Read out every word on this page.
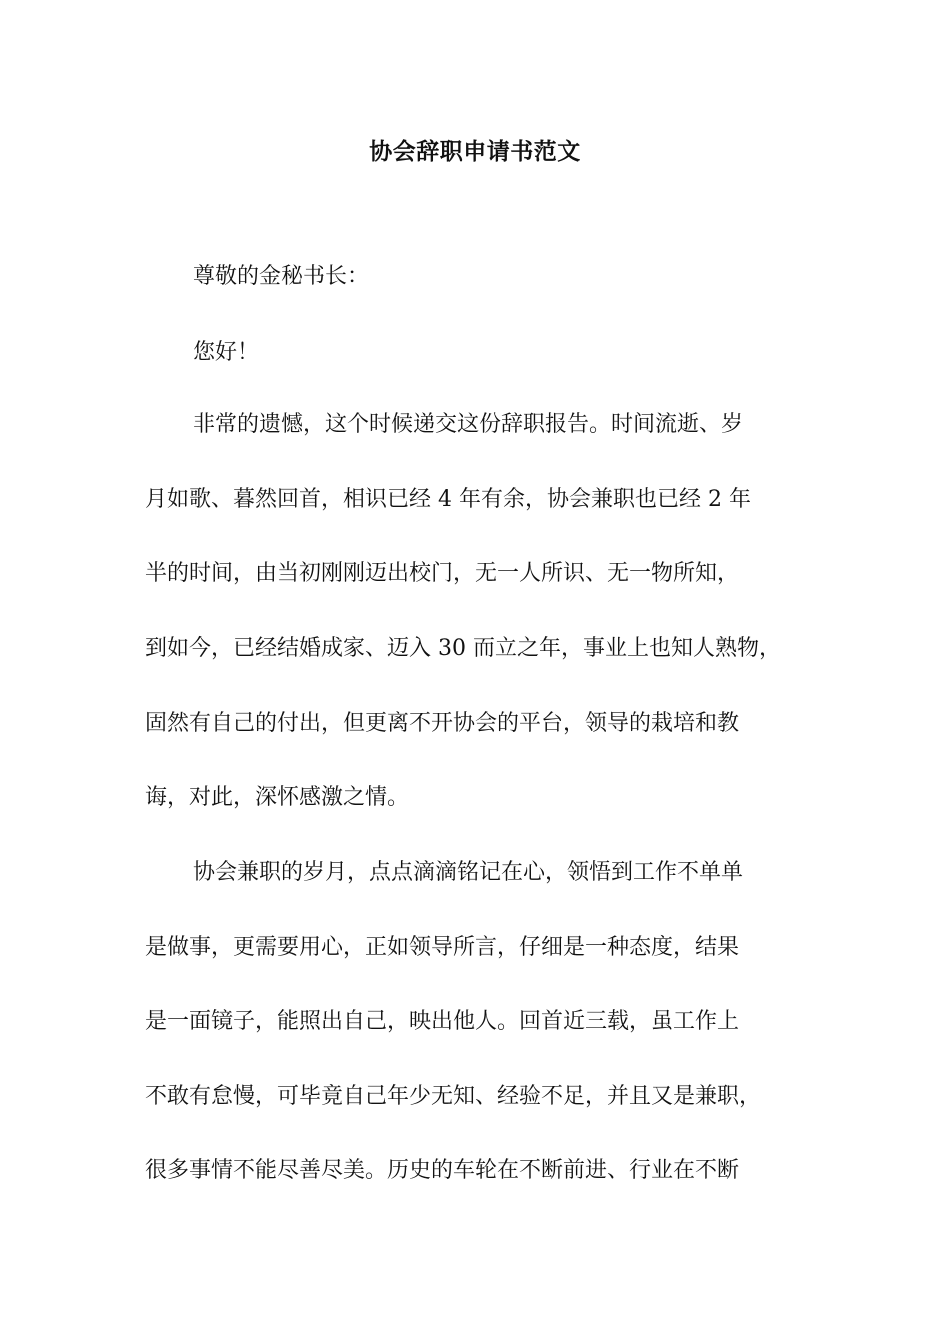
协会辞职申请书范文
尊敬的金秘书长：
您好！
非常的遗憾，这个时候递交这份辞职报告。时间流逝、岁
月如歌、暮然回首，相识已经 4 年有余，协会兼职也已经 2 年
半的时间，由当初刚刚迈出校门，无一人所识、无一物所知，
到如今，已经结婚成家、迈入 30 而立之年，事业上也知人熟物，
固然有自己的付出，但更离不开协会的平台，领导的栽培和教
诲，对此，深怀感激之情。
协会兼职的岁月，点点滴滴铭记在心，领悟到工作不单单
是做事，更需要用心，正如领导所言，仔细是一种态度，结果
是一面镜子，能照出自己，映出他人。回首近三载，虽工作上
不敢有怠慢，可毕竟自己年少无知、经验不足，并且又是兼职，
很多事情不能尽善尽美。历史的车轮在不断前进、行业在不断
